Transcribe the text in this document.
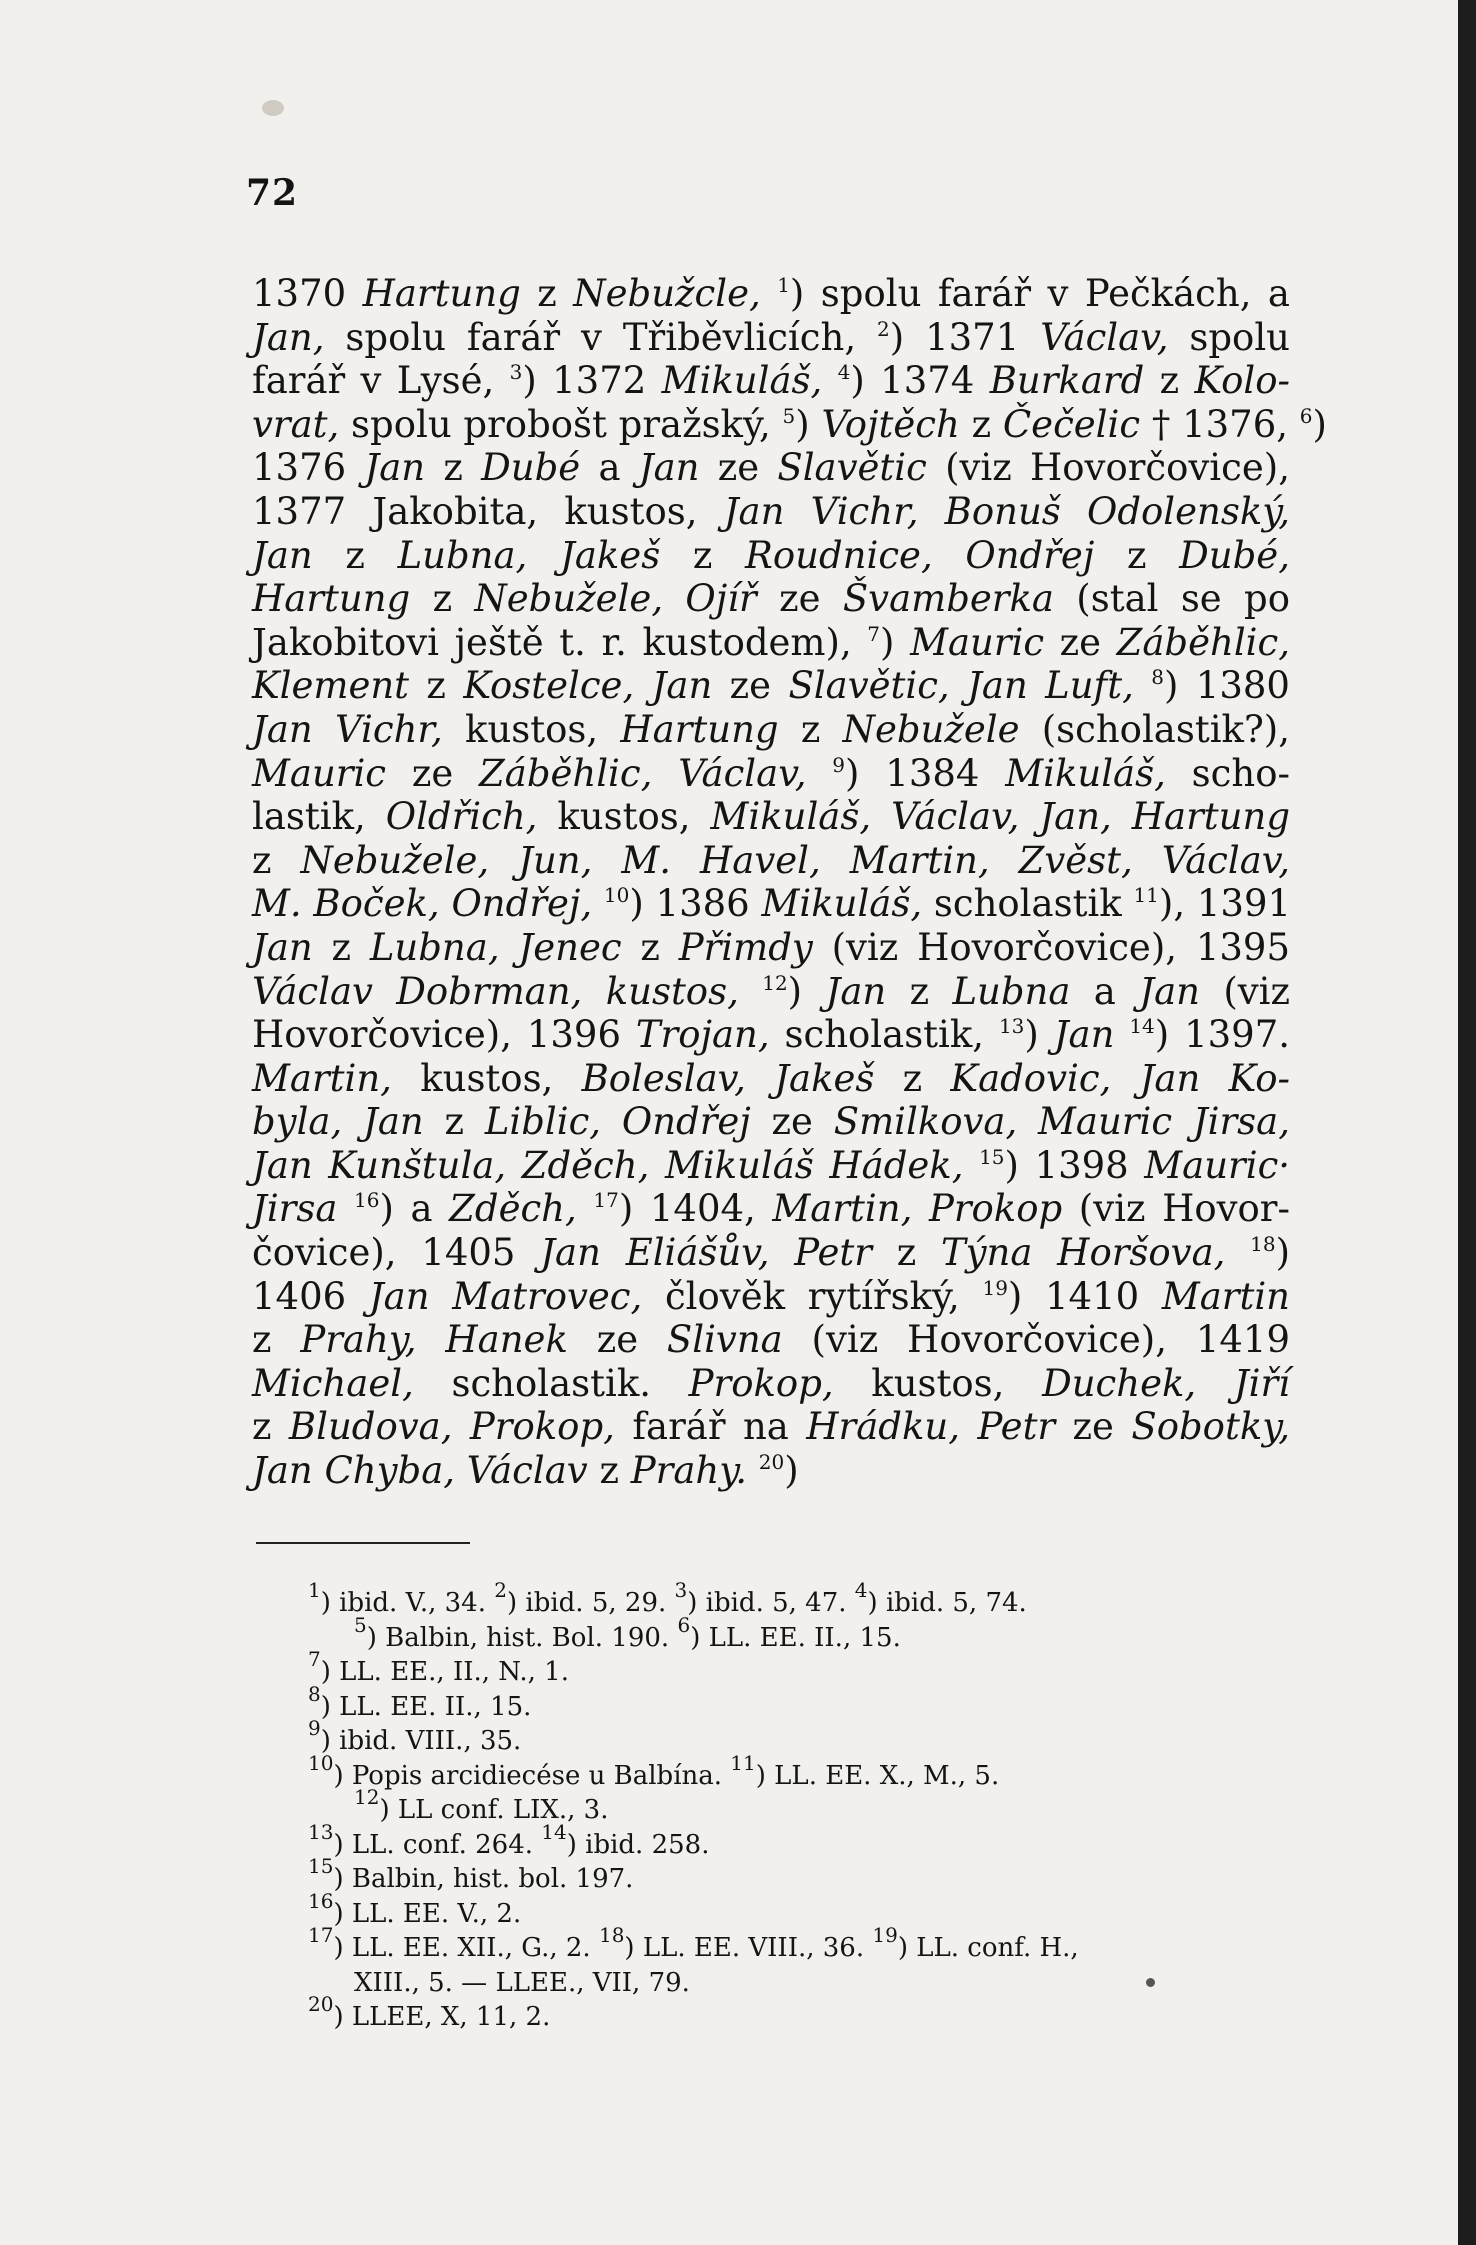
72
1370 Hartung z Nebužcle, $^1$) spolu farář v Pečkách, a
Jan, spolu farář v Třiběvlicích, $^2$) 1371 Václav, spolu
farář v Lysé, $^3$) 1372 Mikuláš, $^4$) 1374 Burkard z Kolo-
vrat, spolu probošt pražský, $^5$) Vojtěch z Čečelic † 1376, $^6$)
1376 Jan z Dubé a Jan ze Slavětic (viz Hovorčovice),
1377 Jakobita, kustos, Jan Vichr, Bonuš Odolenský,
Jan z Lubna, Jakeš z Roudnice, Ondřej z Dubé,
Hartung z Nebužele, Ojíř ze Švamberka (stal se po
Jakobitovi ještě t. r. kustodem), $^7$) Mauric ze Záběhlic,
Klement z Kostelce, Jan ze Slavětic, Jan Luft, $^8$) 1380
Jan Vichr, kustos, Hartung z Nebužele (scholastik?),
Mauric ze Záběhlic, Václav, $^9$) 1384 Mikuláš, scho-
lastik, Oldřich, kustos, Mikuláš, Václav, Jan, Hartung
z Nebužele, Jun, M. Havel, Martin, Zvěst, Václav,
M. Boček, Ondřej, $^{10}$) 1386 Mikuláš, scholastik $^{11}$), 1391
Jan z Lubna, Jenec z Přimdy (viz Hovorčovice), 1395
Václav Dobrman, kustos, $^{12}$) Jan z Lubna a Jan (viz
Hovorčovice), 1396 Trojan, scholastik, $^{13}$) Jan $^{14}$) 1397.
Martin, kustos, Boleslav, Jakeš z Kadovic, Jan Ko-
byla, Jan z Liblic, Ondřej ze Smilkova, Mauric Jirsa,
Jan Kunštula, Zděch, Mikuláš Hádek, $^{15}$) 1398 Mauric·
Jirsa $^{16}$) a Zděch, $^{17}$) 1404, Martin, Prokop (viz Hovor-
čovice), 1405 Jan Eliášův, Petr z Týna Horšova, $^{18}$)
1406 Jan Matrovec, člověk rytířský, $^{19}$) 1410 Martin
z Prahy, Hanek ze Slivna (viz Hovorčovice), 1419
Michael, scholastik. Prokop, kustos, Duchek, Jiří
z Bludova, Prokop, farář na Hrádku, Petr ze Sobotky,
Jan Chyba, Václav z Prahy. $^{20}$)
$^1$) ibid. V., 34. $^2$) ibid. 5, 29. $^3$) ibid. 5, 47. $^4$) ibid. 5, 74.
$^5$) Balbin, hist. Bol. 190. $^6$) LL. EE. II., 15.
$^7$) LL. EE., II., N., 1.
$^8$) LL. EE. II., 15.
$^9$) ibid. VIII., 35.
$^{10}$) Popis arcidiecése u Balbína. $^{11}$) LL. EE. X., M., 5.
$^{12}$) LL conf. LIX., 3.
$^{13}$) LL. conf. 264. $^{14}$) ibid. 258.
$^{15}$) Balbin, hist. bol. 197.
$^{16}$) LL. EE. V., 2.
$^{17}$) LL. EE. XII., G., 2. $^{18}$) LL. EE. VIII., 36. $^{19}$) LL. conf. H.,
XIII., 5. — LLEE., VII, 79.
$^{20}$) LLEE, X, 11, 2.
